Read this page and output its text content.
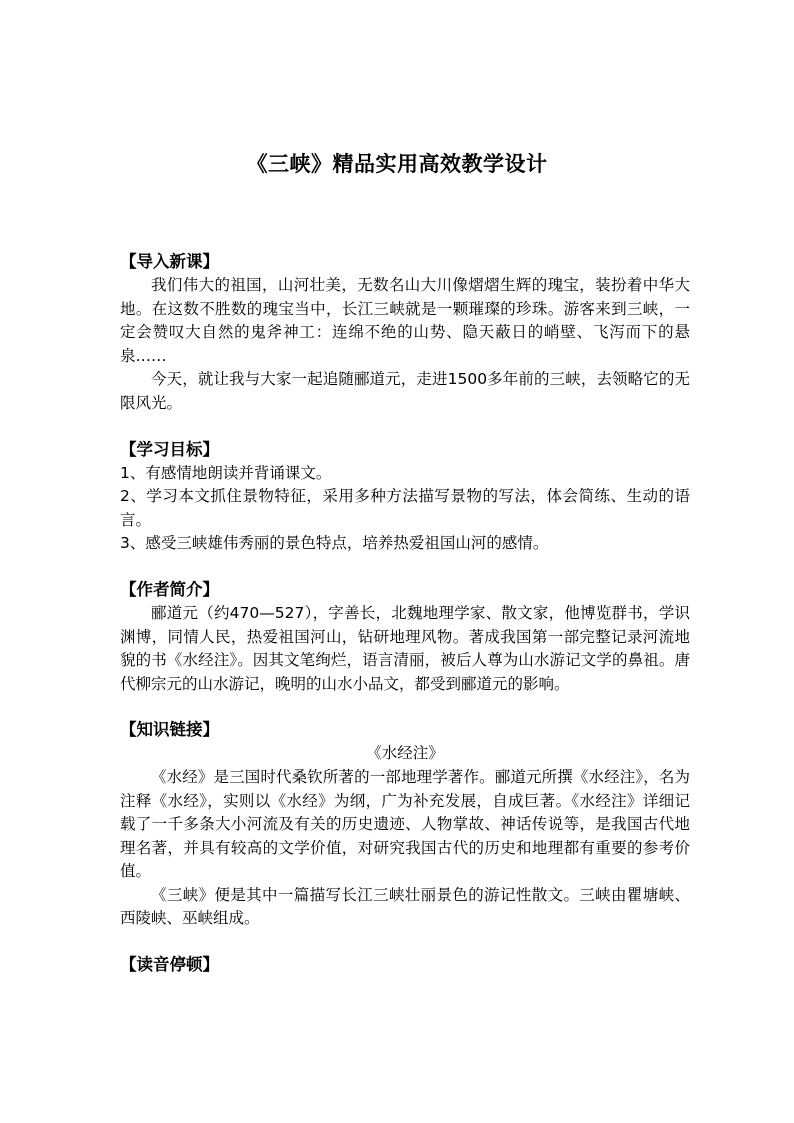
《三峡》精品实用高效教学设计
【导入新课】

我们伟大的祖国，山河壮美，无数名山大川像熠熠生辉的瑰宝，装扮着中华大地。在这数不胜数的瑰宝当中，长江三峡就是一颗璀璨的珍珠。游客来到三峡，一定会赞叹大自然的鬼斧神工：连绵不绝的山势、隐天蔽日的峭壁、飞泻而下的悬泉……

今天，就让我与大家一起追随郦道元，走进1500多年前的三峡，去领略它的无限风光。

【学习目标】

1、有感情地朗读并背诵课文。

2、学习本文抓住景物特征，采用多种方法描写景物的写法，体会简练、生动的语言。

3、感受三峡雄伟秀丽的景色特点，培养热爱祖国山河的感情。

【作者简介】

郦道元（约470—527），字善长，北魏地理学家、散文家，他博览群书，学识渊博，同情人民，热爱祖国河山，钻研地理风物。著成我国第一部完整记录河流地貌的书《水经注》。因其文笔绚烂，语言清丽，被后人尊为山水游记文学的鼻祖。唐代柳宗元的山水游记，晚明的山水小品文，都受到郦道元的影响。

【知识链接】

《水经注》

《水经》是三国时代桑钦所著的一部地理学著作。郦道元所撰《水经注》，名为注释《水经》，实则以《水经》为纲，广为补充发展，自成巨著。《水经注》详细记载了一千多条大小河流及有关的历史遗迹、人物掌故、神话传说等，是我国古代地理名著，并具有较高的文学价值，对研究我国古代的历史和地理都有重要的参考价值。

《三峡》便是其中一篇描写长江三峡壮丽景色的游记性散文。三峡由瞿塘峡、西陵峡、巫峡组成。

【读音停顿】
